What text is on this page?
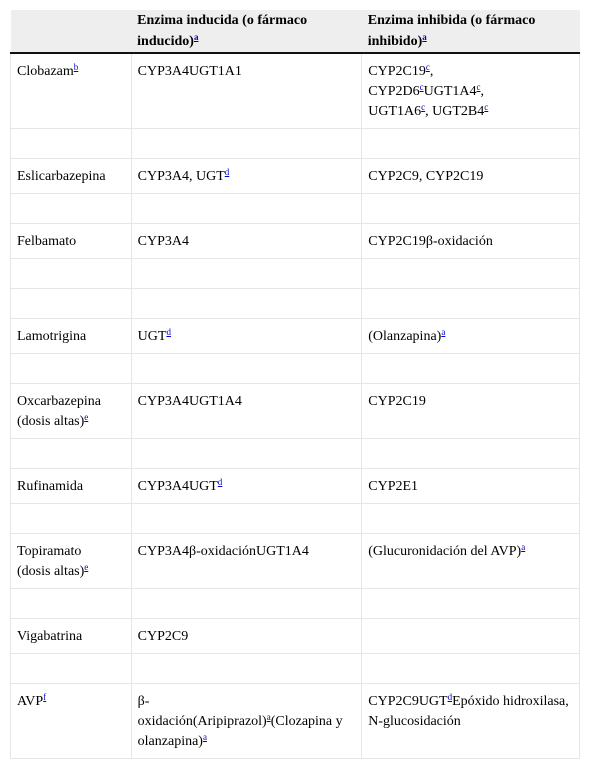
	Enzima inducida (o fármaco inducido)$^a$	Enzima inhibida (o fármaco inhibido)$^a$
Clobazam$^b$	CYP3A4UGT1A1	CYP2C19$^c$,
CYP2D6$^c$UGT1A4$^c$,
UGT1A6$^c$, UGT2B4$^c$

Eslicarbazepina	CYP3A4, UGT$^d$	CYP2C9, CYP2C19

Felbamato	CYP3A4	CYP2C19β-oxidación

Lamotrigina	UGT$^d$	(Olanzapina)$^a$

Oxcarbazepina
(dosis altas)$^e$	CYP3A4UGT1A4	CYP2C19

Rufinamida	CYP3A4UGT$^d$	CYP2E1

Topiramato
(dosis altas)$^e$	CYP3A4β-oxidaciónUGT1A4	(Glucuronidación del AVP)$^a$

Vigabatrina	CYP2C9	

AVP$^f$	β-
oxidación(Aripiprazol)$^a$(Clozapina y olanzapina)$^a$	CYP2C9UGT$^d$Epóxido hidroxilasa, N-glucosidación
